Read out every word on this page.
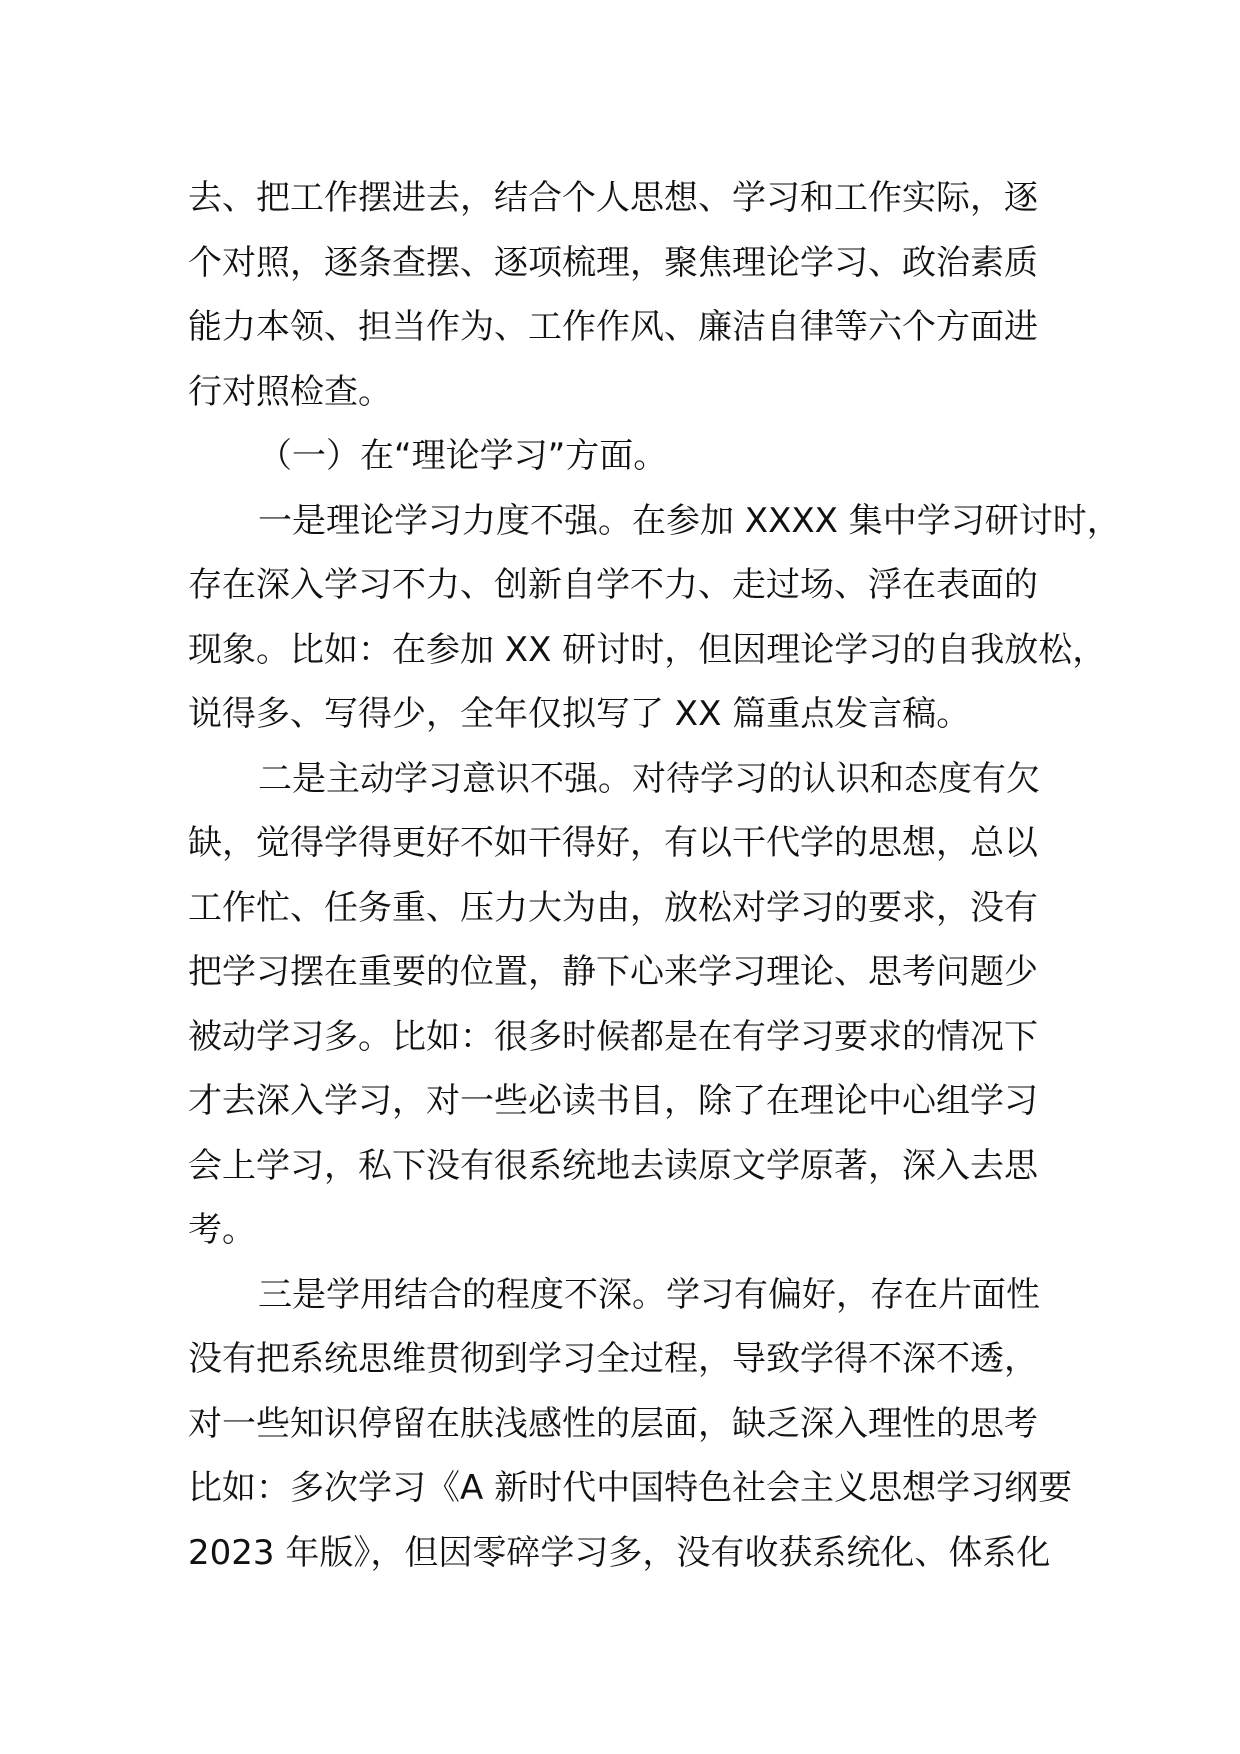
去、把工作摆进去，结合个人思想、学习和工作实际，逐
个对照，逐条查摆、逐项梳理，聚焦理论学习、政治素质
能力本领、担当作为、工作作风、廉洁自律等六个方面进
行对照检查。
（一）在“理论学习”方面。
一是理论学习力度不强。在参加 XXXX 集中学习研讨时，
存在深入学习不力、创新自学不力、走过场、浮在表面的
现象。比如：在参加 XX 研讨时，但因理论学习的自我放松，
说得多、写得少，全年仅拟写了 XX 篇重点发言稿。
二是主动学习意识不强。对待学习的认识和态度有欠
缺，觉得学得更好不如干得好，有以干代学的思想，总以
工作忙、任务重、压力大为由，放松对学习的要求，没有
把学习摆在重要的位置，静下心来学习理论、思考问题少
被动学习多。比如：很多时候都是在有学习要求的情况下
才去深入学习，对一些必读书目，除了在理论中心组学习
会上学习，私下没有很系统地去读原文学原著，深入去思
考。
三是学用结合的程度不深。学习有偏好，存在片面性
没有把系统思维贯彻到学习全过程，导致学得不深不透，
对一些知识停留在肤浅感性的层面，缺乏深入理性的思考
比如：多次学习《A 新时代中国特色社会主义思想学习纲要
2023 年版》，但因零碎学习多，没有收获系统化、体系化
